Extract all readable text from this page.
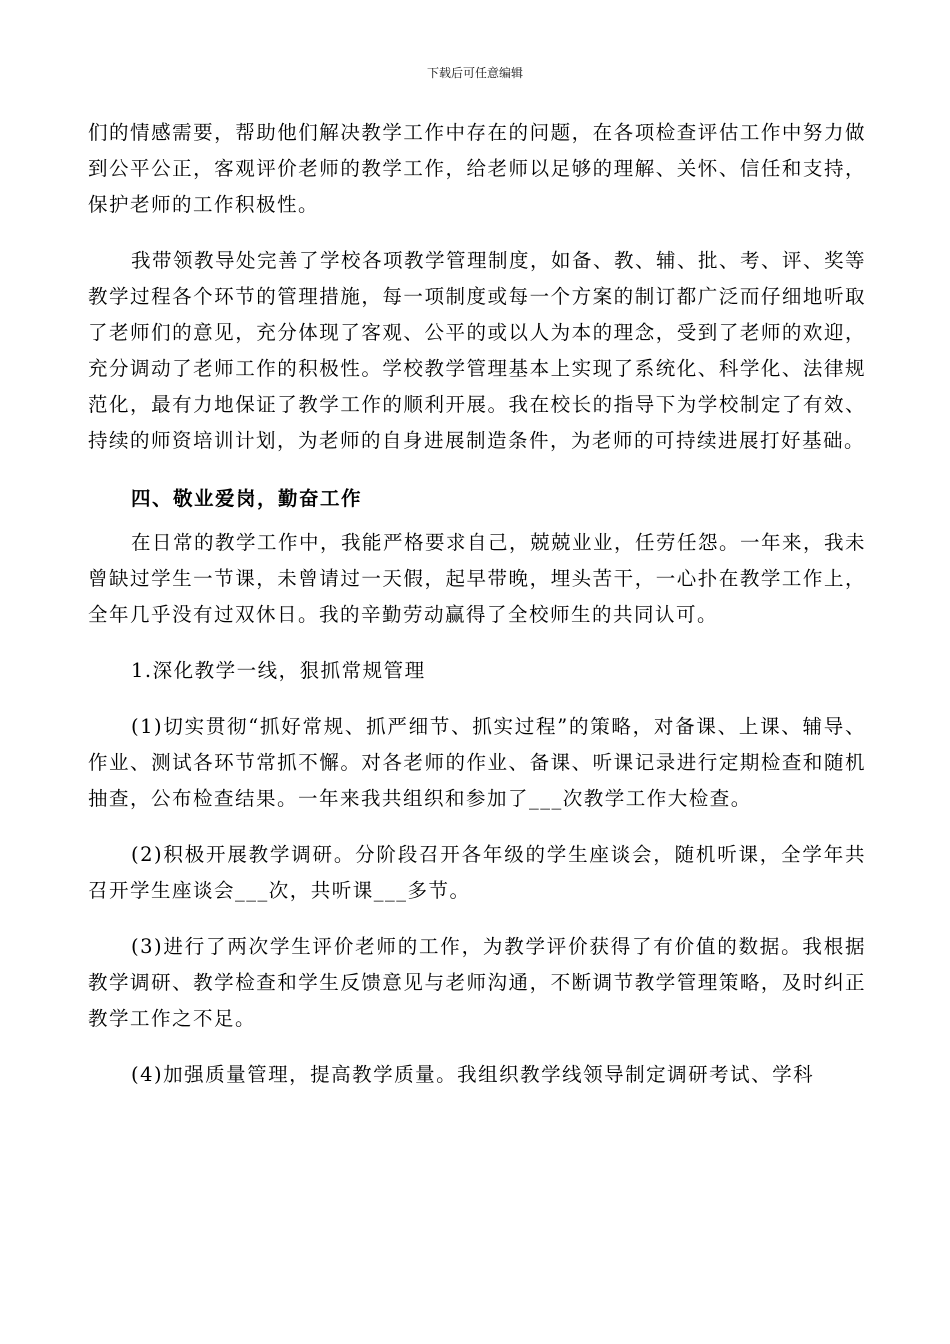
下载后可任意编辑

们的情感需要，帮助他们解决教学工作中存在的问题，在各项检查评估工作中努力做到公平公正，客观评价老师的教学工作，给老师以足够的理解、关怀、信任和支持，保护老师的工作积极性。

我带领教导处完善了学校各项教学管理制度，如备、教、辅、批、考、评、奖等教学过程各个环节的管理措施，每一项制度或每一个方案的制订都广泛而仔细地听取了老师们的意见，充分体现了客观、公平的或以人为本的理念，受到了老师的欢迎，充分调动了老师工作的积极性。学校教学管理基本上实现了系统化、科学化、法律规范化，最有力地保证了教学工作的顺利开展。我在校长的指导下为学校制定了有效、持续的师资培训计划，为老师的自身进展制造条件，为老师的可持续进展打好基础。

四、敬业爱岗，勤奋工作

在日常的教学工作中，我能严格要求自己，兢兢业业，任劳任怨。一年来，我未曾缺过学生一节课，未曾请过一天假，起早带晚，埋头苦干，一心扑在教学工作上，全年几乎没有过双休日。我的辛勤劳动赢得了全校师生的共同认可。

1.深化教学一线，狠抓常规管理

(1)切实贯彻“抓好常规、抓严细节、抓实过程”的策略，对备课、上课、辅导、作业、测试各环节常抓不懈。对各老师的作业、备课、听课记录进行定期检查和随机抽查，公布检查结果。一年来我共组织和参加了___次教学工作大检查。

(2)积极开展教学调研。分阶段召开各年级的学生座谈会，随机听课，全学年共召开学生座谈会___次，共听课___多节。

(3)进行了两次学生评价老师的工作，为教学评价获得了有价值的数据。我根据教学调研、教学检查和学生反馈意见与老师沟通，不断调节教学管理策略，及时纠正教学工作之不足。

(4)加强质量管理，提高教学质量。我组织教学线领导制定调研考试、学科
